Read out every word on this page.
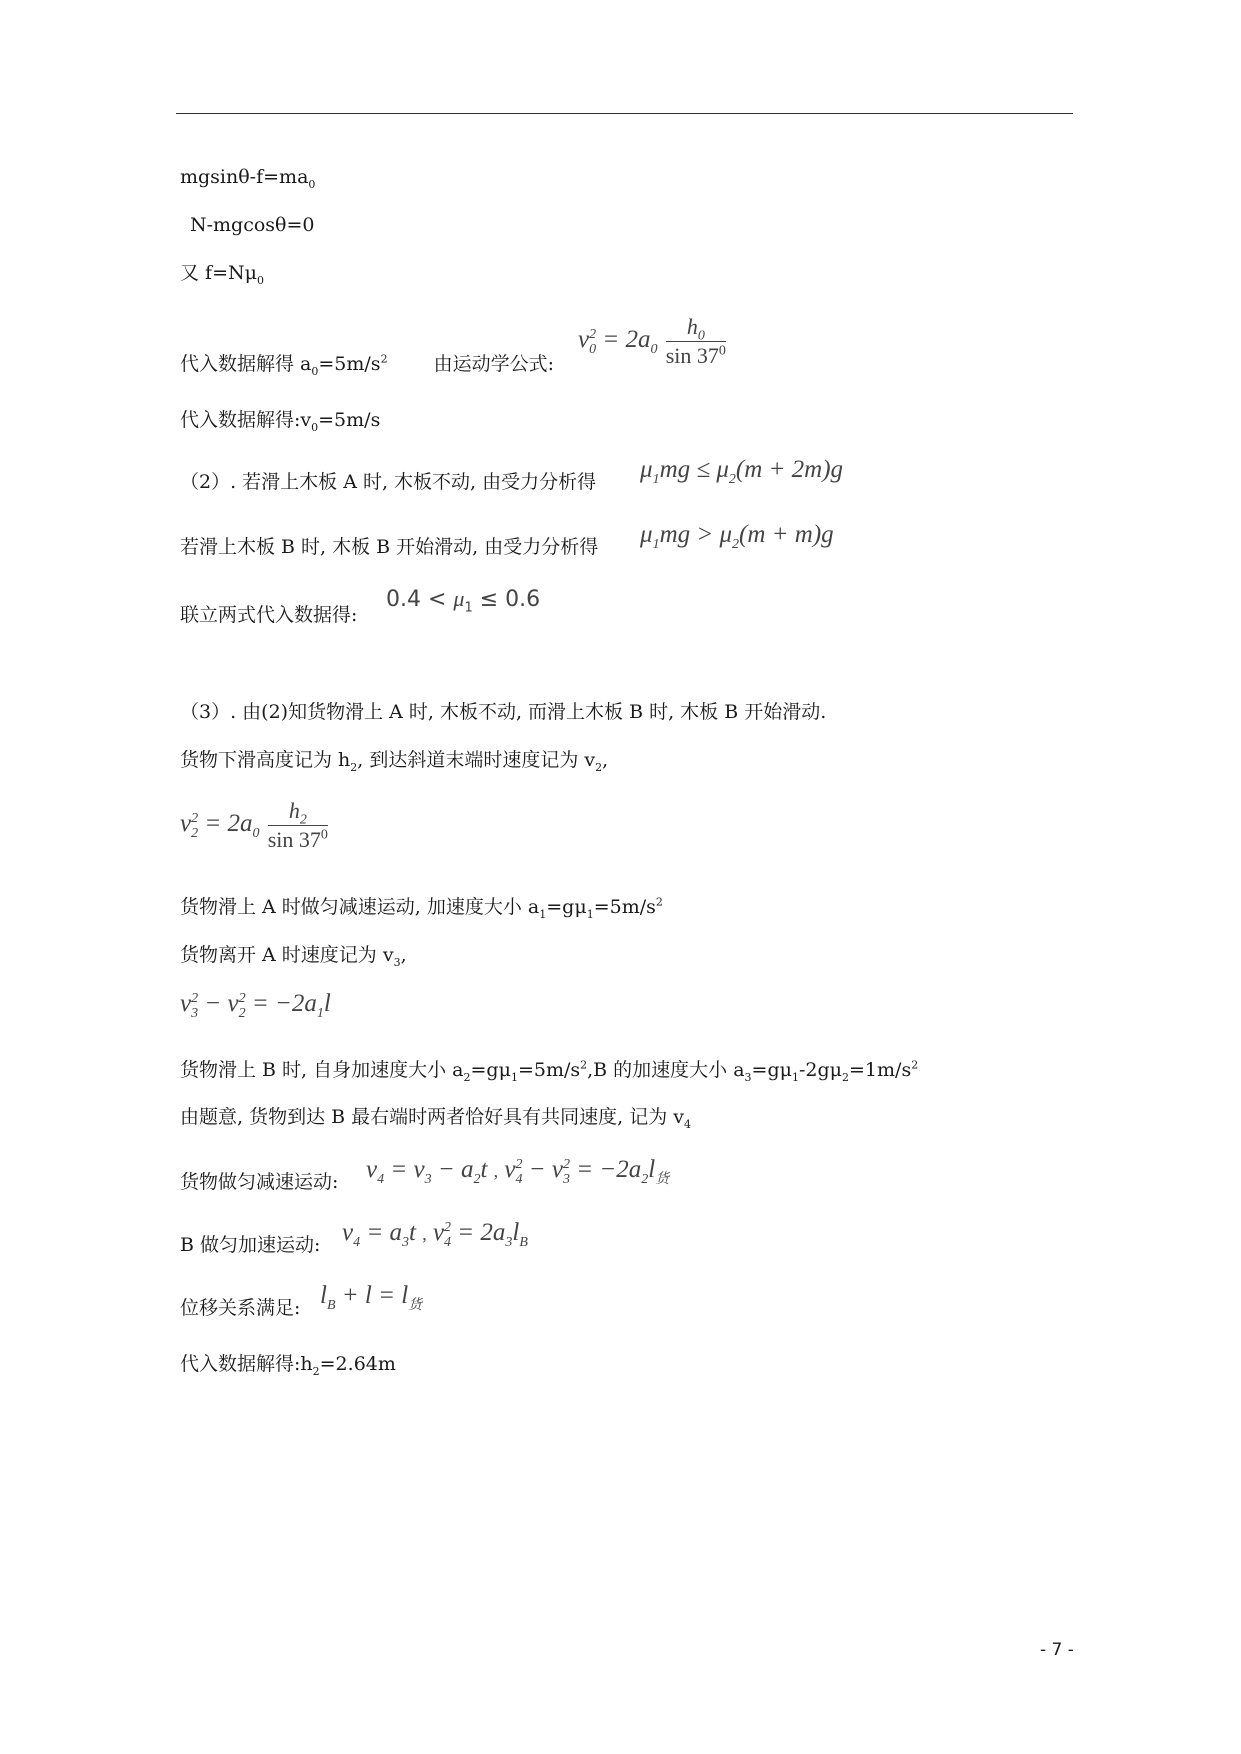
mgsinθ-$f=ma_0$
N-mgcosθ=0
又 $f=N\mu_0$
代入数据解得 $a_0=5m/s^2$ 由运动学公式:
$v_0^2 = 2a_0 \frac{h_0}{\sin 37^0}$
代入数据解得$:v_0=5m/s$
（2）. 若滑上木板 A 时, 木板不动, 由受力分析得 $\mu_1mg \le \mu_2(m + 2m)g$
若滑上木板 B 时, 木板 B 开始滑动, 由受力分析得 $\mu_1mg > \mu_2(m + m)g$
联立两式代入数据得:
$0.4 < \mu_1 \le 0.6$
（3）. 由(2)知货物滑上 A 时, 木板不动, 而滑上木板 B 时, 木板 B 开始滑动.
货物下滑高度记为 $h_2$, 到达斜道末端时速度记为 $v_2$,
$v_2^2 = 2a_0 \frac{h_2}{\sin 37^0}$
货物滑上 A 时做匀减速运动, 加速度大小 $a_1=g\mu_1=5m/s^2$
货物离开 A 时速度记为 $v_3$,
$v_3^2 - v_2^2 = -2a_1l$
货物滑上 B 时, 自身加速度大小 $a_2=g\mu_1=5m/s^2,B$ 的加速度大小 $a_3=g\mu_1-2g\mu_2=1m/s^2$
由题意, 货物到达 B 最右端时两者恰好具有共同速度, 记为 $v_4$
货物做匀减速运动: $v_4 = v_3 - a_2t$ , $v_4^2 - v_3^2 = -2a_2l_货$
B 做匀加速运动: $v_4 = a_3t$ , $v_4^2 = 2a_3l_B$
位移关系满足: $l_B + l = l_货$
代入数据解得$:h_2=2.64m$
- 7 -
